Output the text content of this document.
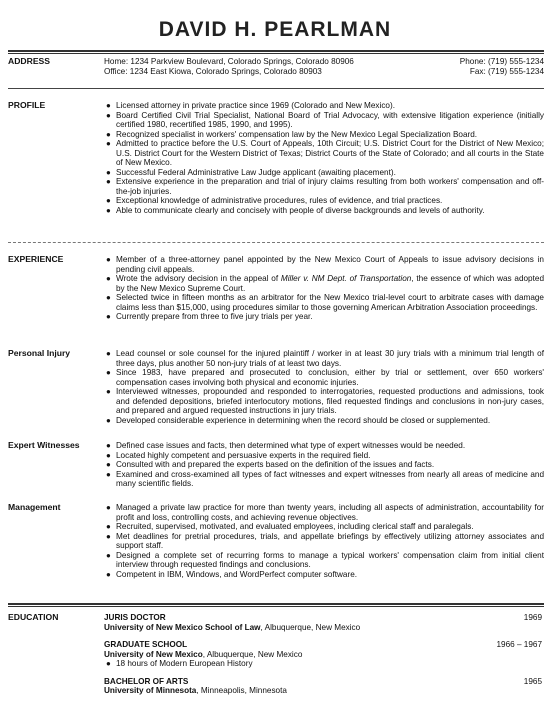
DAVID H. PEARLMAN
ADDRESS	Home: 1234 Parkview Boulevard, Colorado Springs, Colorado 80906	Phone: (719) 555-1234
Office: 1234 East Kiowa, Colorado Springs, Colorado 80903	Fax: (719) 555-1234
PROFILE	● Licensed attorney in private practice since 1969 (Colorado and New Mexico).
● Board Certified Civil Trial Specialist, National Board of Trial Advocacy, with extensive litigation experience (initially certified 1980, recertified 1985, 1990, and 1995).
● Recognized specialist in workers' compensation law by the New Mexico Legal Specialization Board.
● Admitted to practice before the U.S. Court of Appeals, 10th Circuit; U.S. District Court for the District of New Mexico; U.S. District Court for the Western District of Texas; District Courts of the State of Colorado; and all courts in the State of New Mexico.
● Successful Federal Administrative Law Judge applicant (awaiting placement).
● Extensive experience in the preparation and trial of injury claims resulting from both workers' compensation and off-the-job injuries.
● Exceptional knowledge of administrative procedures, rules of evidence, and trial practices.
● Able to communicate clearly and concisely with people of diverse backgrounds and levels of authority.
EXPERIENCE	● Member of a three-attorney panel appointed by the New Mexico Court of Appeals to issue advisory decisions in pending civil appeals.
● Wrote the advisory decision in the appeal of Miller v. NM Dept. of Transportation, the essence of which was adopted by the New Mexico Supreme Court.
● Selected twice in fifteen months as an arbitrator for the New Mexico trial-level court to arbitrate cases with damage claims less than $15,000, using procedures similar to those governing American Arbitration Association proceedings.
● Currently prepare from three to five jury trials per year.
Personal Injury	● Lead counsel or sole counsel for the injured plaintiff / worker in at least 30 jury trials with a minimum trial length of three days, plus another 50 non-jury trials of at least two days.
● Since 1983, have prepared and prosecuted to conclusion, either by trial or settlement, over 650 workers' compensation cases involving both physical and economic injuries.
● Interviewed witnesses, propounded and responded to interrogatories, requested productions and admissions, took and defended depositions, briefed interlocutory motions, filed requested findings and conclusions in non-jury cases, and prepared and argued requested instructions in jury trials.
● Developed considerable experience in determining when the record should be closed or supplemented.
Expert Witnesses	● Defined case issues and facts, then determined what type of expert witnesses would be needed.
● Located highly competent and persuasive experts in the required field.
● Consulted with and prepared the experts based on the definition of the issues and facts.
● Examined and cross-examined all types of fact witnesses and expert witnesses from nearly all areas of medicine and many scientific fields.
Management	● Managed a private law practice for more than twenty years, including all aspects of administration, accountability for profit and loss, controlling costs, and achieving revenue objectives.
● Recruited, supervised, motivated, and evaluated employees, including clerical staff and paralegals.
● Met deadlines for pretrial procedures, trials, and appellate briefings by effectively utilizing attorney associates and support staff.
● Designed a complete set of recurring forms to manage a typical workers' compensation claim from initial client interview through requested findings and conclusions.
● Competent in IBM, Windows, and WordPerfect computer software.
EDUCATION	JURIS DOCTOR	1969
University of New Mexico School of Law, Albuquerque, New Mexico
GRADUATE SCHOOL	1966 – 1967
University of New Mexico, Albuquerque, New Mexico
● 18 hours of Modern European History
BACHELOR OF ARTS	1965
University of Minnesota, Minneapolis, Minnesota
